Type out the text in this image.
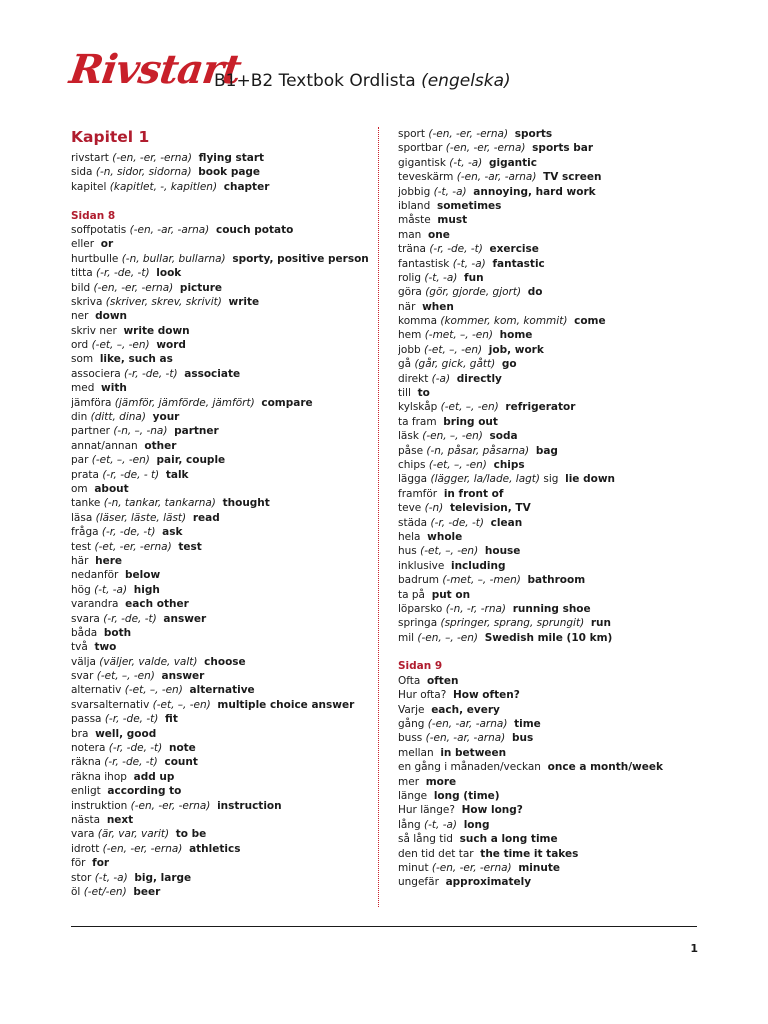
Rivstart
B1+B2 Textbok Ordlista (engelska)
Kapitel 1
rivstart (-en, -er, -erna) flying start
sida (-n, sidor, sidorna) book page
kapitel (kapitlet, -, kapitlen) chapter
Sidan 8
soffpotatis (-en, -ar, -arna) couch potato
eller or
hurtbulle (-n, bullar, bullarna) sporty, positive person
titta (-r, -de, -t) look
bild (-en, -er, -erna) picture
skriva (skriver, skrev, skrivit) write
ner down
skriv ner write down
ord (-et, –, -en) word
som like, such as
associera (-r, -de, -t) associate
med with
jämföra (jämför, jämförde, jämfört) compare
din (ditt, dina) your
partner (-n, –, -na) partner
annat/annan other
par (-et, –, -en) pair, couple
prata (-r, -de, - t) talk
om about
tanke (-n, tankar, tankarna) thought
läsa (läser, läste, läst) read
fråga (-r, -de, -t) ask
test (-et, -er, -erna) test
här here
nedanför below
hög (-t, -a) high
varandra each other
svara (-r, -de, -t) answer
båda both
två two
välja (väljer, valde, valt) choose
svar (-et, –, -en) answer
alternativ (-et, –, -en) alternative
svarsalternativ (-et, –, -en) multiple choice answer
passa (-r, -de, -t) fit
bra well, good
notera (-r, -de, -t) note
räkna (-r, -de, -t) count
räkna ihop add up
enligt according to
instruktion (-en, -er, -erna) instruction
nästa next
vara (är, var, varit) to be
idrott (-en, -er, -erna) athletics
för for
stor (-t, -a) big, large
öl (-et/-en) beer
sport (-en, -er, -erna) sports
sportbar (-en, -er, -erna) sports bar
gigantisk (-t, -a) gigantic
teveskärm (-en, -ar, -arna) TV screen
jobbig (-t, -a) annoying, hard work
ibland sometimes
måste must
man one
träna (-r, -de, -t) exercise
fantastisk (-t, -a) fantastic
rolig (-t, -a) fun
göra (gör, gjorde, gjort) do
när when
komma (kommer, kom, kommit) come
hem (-met, –, -en) home
jobb (-et, –, -en) job, work
gå (går, gick, gått) go
direkt (-a) directly
till to
kylskåp (-et, –, -en) refrigerator
ta fram bring out
läsk (-en, –, -en) soda
påse (-n, påsar, påsarna) bag
chips (-et, –, -en) chips
lägga (lägger, la/lade, lagt) sig lie down
framför in front of
teve (-n) television, TV
städa (-r, -de, -t) clean
hela whole
hus (-et, –, -en) house
inklusive including
badrum (-met, –, -men) bathroom
ta på put on
löparsko (-n, -r, -rna) running shoe
springa (springer, sprang, sprungit) run
mil (-en, –, -en) Swedish mile (10 km)
Sidan 9
Ofta often
Hur ofta? How often?
Varje each, every
gång (-en, -ar, -arna) time
buss (-en, -ar, -arna) bus
mellan in between
en gång i månaden/veckan once a month/week
mer more
länge long (time)
Hur länge? How long?
lång (-t, -a) long
så lång tid such a long time
den tid det tar the time it takes
minut (-en, -er, -erna) minute
ungefär approximately
1
